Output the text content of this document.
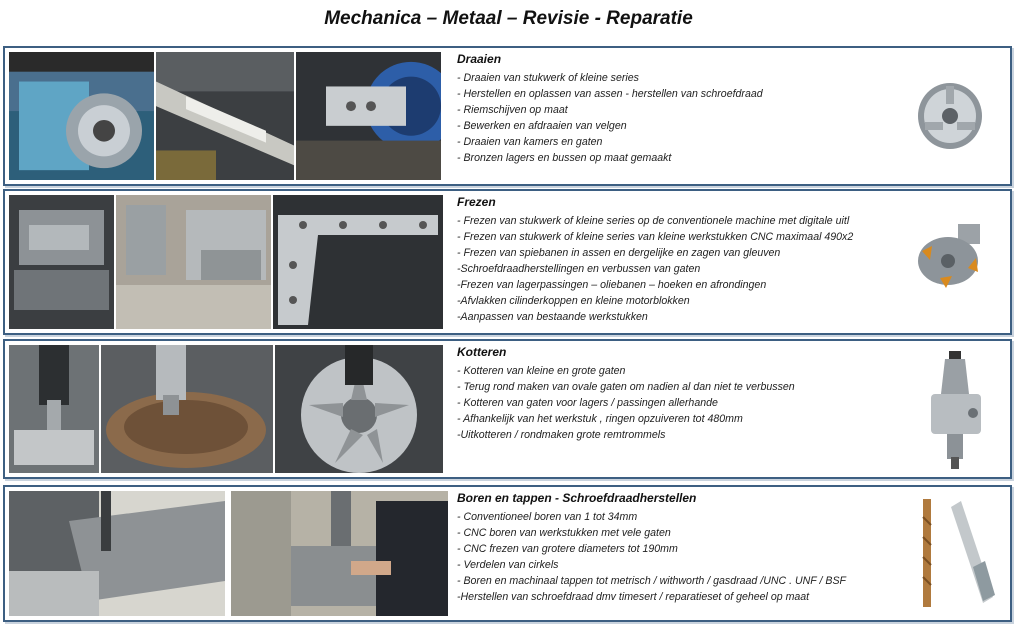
Mechanica – Metaal – Revisie - Reparatie
Draaien
- Draaien van stukwerk of kleine series
- Herstellen en oplassen van assen - herstellen van schroefdraad
- Riemschijven op maat
- Bewerken en afdraaien van velgen
- Draaien van kamers en gaten
- Bronzen lagers en bussen op maat gemaakt
Frezen
- Frezen van stukwerk of kleine series op de conventionele machine met digitale uitl
- Frezen van stukwerk of kleine series van kleine werkstukken CNC maximaal 490x2
- Frezen van spiebanen in assen en dergelijke en zagen van gleuven
-Schroefdraadherstellingen en verbussen van gaten
-Frezen van lagerpassingen – oliebanen – hoeken en afrondingen
-Afvlakken cilinderkoppen en kleine motorblokken
-Aanpassen van bestaande werkstukken
Kotteren
- Kotteren van kleine en grote gaten
- Terug rond maken van ovale gaten om nadien al dan niet te verbussen
- Kotteren van gaten voor lagers / passingen allerhande
- Afhankelijk van het werkstuk , ringen opzuiveren tot 480mm
-Uitkotteren / rondmaken grote remtrommels
Boren en tappen - Schroefdraadherstellen
- Conventioneel boren van 1 tot 34mm
- CNC boren van werkstukken met vele gaten
- CNC frezen van grotere diameters tot 190mm
- Verdelen van cirkels
- Boren en machinaal tappen tot metrisch / withworth / gasdraad /UNC . UNF / BSF
-Herstellen van schroefdraad dmv timesert / reparatieset of geheel op maat
